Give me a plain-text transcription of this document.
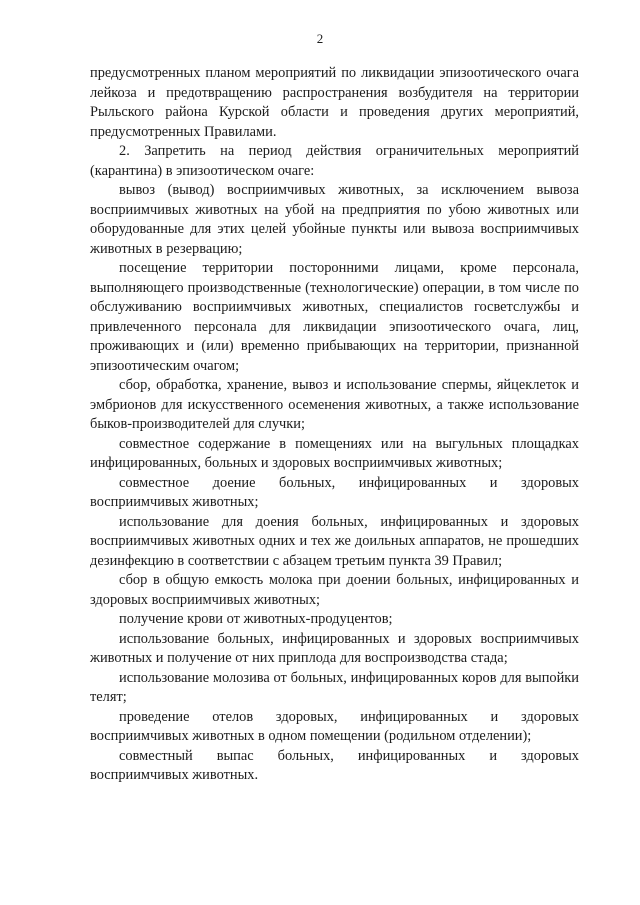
2

предусмотренных планом мероприятий по ликвидации эпизоотического очага лейкоза и предотвращению распространения возбудителя на территории Рыльского района Курской области и проведения других мероприятий, предусмотренных Правилами.

2. Запретить на период действия ограничительных мероприятий (карантина) в эпизоотическом очаге:

вывоз (вывод) восприимчивых животных, за исключением вывоза восприимчивых животных на убой на предприятия по убою животных или оборудованные для этих целей убойные пункты или вывоза восприимчивых животных в резервацию;

посещение территории посторонними лицами, кроме персонала, выполняющего производственные (технологические) операции, в том числе по обслуживанию восприимчивых животных, специалистов госветслужбы и привлеченного персонала для ликвидации эпизоотического очага, лиц, проживающих и (или) временно прибывающих на территории, признанной эпизоотическим очагом;

сбор, обработка, хранение, вывоз и использование спермы, яйцеклеток и эмбрионов для искусственного осеменения животных, а также использование быков-производителей для случки;

совместное содержание в помещениях или на выгульных площадках инфицированных, больных и здоровых восприимчивых животных;

совместное доение больных, инфицированных и здоровых восприимчивых животных;

использование для доения больных, инфицированных и здоровых восприимчивых животных одних и тех же доильных аппаратов, не прошедших дезинфекцию в соответствии с абзацем третьим пункта 39 Правил;

сбор в общую емкость молока при доении больных, инфицированных и здоровых восприимчивых животных;

получение крови от животных-продуцентов;

использование больных, инфицированных и здоровых восприимчивых животных и получение от них приплода для воспроизводства стада;

использование молозива от больных, инфицированных коров для выпойки телят;

проведение отелов здоровых, инфицированных и здоровых восприимчивых животных в одном помещении (родильном отделении);

совместный выпас больных, инфицированных и здоровых восприимчивых животных.
